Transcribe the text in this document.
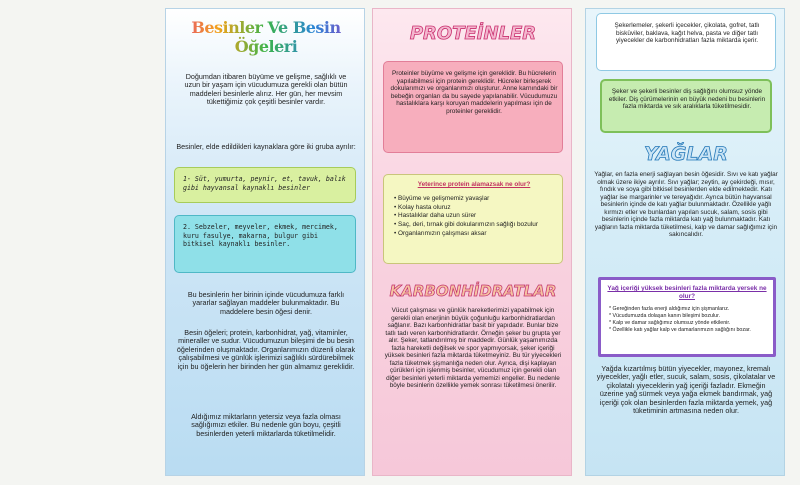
Besinler Ve Besin Öğeleri
Doğumdan itibaren büyüme ve gelişme, sağlıklı ve uzun bir yaşam için vücudumuza gerekli olan bütün maddeleri besinlerle alırız. Her gün, her mevsim tükettiğimiz çok çeşitli besinler vardır.
Besinler, elde edildikleri kaynaklara göre iki gruba ayrılır:
1- Süt, yumurta, peynir, et, tavuk, balık gibi hayvansal kaynaklı besinler
2. Sebzeler, meyveler, ekmek, mercimek, kuru fasulye, makarna, bulgur gibi bitkisel kaynaklı besinler.
Bu besinlerin her birinin içinde vücudumuza farklı yararlar sağlayan maddeler bulunmaktadır. Bu maddelere besin öğesi denir.
Besin öğeleri; protein, karbonhidrat, yağ, vitaminler, mineraller ve sudur. Vücudumuzun bileşimi de bu besin öğelerinden oluşmaktadır. Organlarımızın düzenli olarak çalışabilmesi ve günlük işlerimizi sağlıklı sürdürebilmek için bu öğelerin her birinden her gün almamız gereklidir.
Aldığımız miktarların yetersiz veya fazla olması sağlığımızı etkiler. Bu nedenle gün boyu, çeşitli besinlerden yeterli miktarlarda tüketilmelidir.
PROTEİNLER
Proteinler büyüme ve gelişme için gereklidir. Bu hücrelerin yapılabilmesi için protein gereklidir. Hücreler birleşerek dokularımızı ve organlarımızı oluşturur. Anne karnındaki bir bebeğin organları da bu sayede yapılanabilir. Vücudumuzu hastalıklara karşı koruyan maddelerin yapılması için de proteinler gereklidir.
Yeterince protein alamazsak ne olur?
• Büyüme ve gelişmemiz yavaşlar
• Kolay hasta oluruz
• Hastalıklar daha uzun sürer
• Saç, deri, tırnak gibi dokularımızın sağlığı bozulur
• Organlarımızın çalışması aksar
KARBONHİDRATLAR
Vücut çalışması ve günlük hareketlerimizi yapabilmek için gerekli olan enerjinin büyük çoğunluğu karbonhidratlardan sağlanır. Bazı karbonhidratlar basit bir yapıdadır. Bunlar bize tatlı tadı veren karbonhidratlardır. Örneğin şeker bu grupta yer alır. Şeker, tatlandırılmış bir maddedir. Günlük yaşamımızda fazla hareketli değilsek ve spor yapmıyorsak, şeker içeriği yüksek besinleri fazla miktarda tüketmeyiniz. Bu tür yiyecekleri fazla tüketmek şişmanlığa neden olur. Ayrıca, dişi kaplayan çürükleri için işlenmiş besinler, vücudumuz için gerekli olan diğer besinleri yeterli miktarda yememizi engeller. Bu nedenle böyle besinlerin özellikle yemek sonrası tüketilmesi önerilir.
Şekerlemeler, şekerli içecekler, çikolata, gofret, tatlı bisküviler, baklava, kağıt helva, pasta ve diğer tatlı yiyecekler de karbonhidratları fazla miktarda içerir.
Şeker ve şekerli besinler diş sağlığını olumsuz yönde etkiler. Diş çürümelerinin en büyük nedeni bu besinlerin fazla miktarda ve sık aralıklarla tüketilmesidir.
YAĞLAR
Yağlar, en fazla enerji sağlayan besin öğesidir. Sıvı ve katı yağlar olmak üzere ikiye ayrılır. Sıvı yağlar; zeytin, ay çekirdeği, mısır, fındık ve soya gibi bitkisel besinlerden elde edilmektedir. Katı yağlar ise margarinler ve tereyağıdır. Ayrıca bütün hayvansal besinlerin içinde de katı yağlar bulunmaktadır. Özellikle yağlı kırmızı etler ve bunlardan yapılan sucuk, salam, sosis gibi besinlerin içinde fazla miktarda katı yağ bulunmaktadır. Katı yağların fazla miktarda tüketilmesi, kalp ve damar sağlığımız için sakıncalıdır.
Yağ içeriği yüksek besinleri fazla miktarda yersek ne olur?
* Gereğinden fazla enerji aldığımız için şişmanlarız.
* Vücudumuzda dolaşan kanın bileşimi bozulur.
* Kalp ve damar sağlığımız olumsuz yönde etkilenir.
* Özellikle katı yağlar kalp ve damarlarımızın sağlığını bozar.
Yağda kızartılmış bütün yiyecekler, mayonez, kremalı yiyecekler, yağlı etler, sucuk, salam, sosis, çikolatalar ve çikolatalı yiyeceklerin yağ içeriği fazladır. Ekmeğin üzerine yağ sürmek veya yağa ekmek bandırmak, yağ içeriği çok olan besinlerden fazla miktarda yemek, yağ tüketiminin artmasına neden olur.
